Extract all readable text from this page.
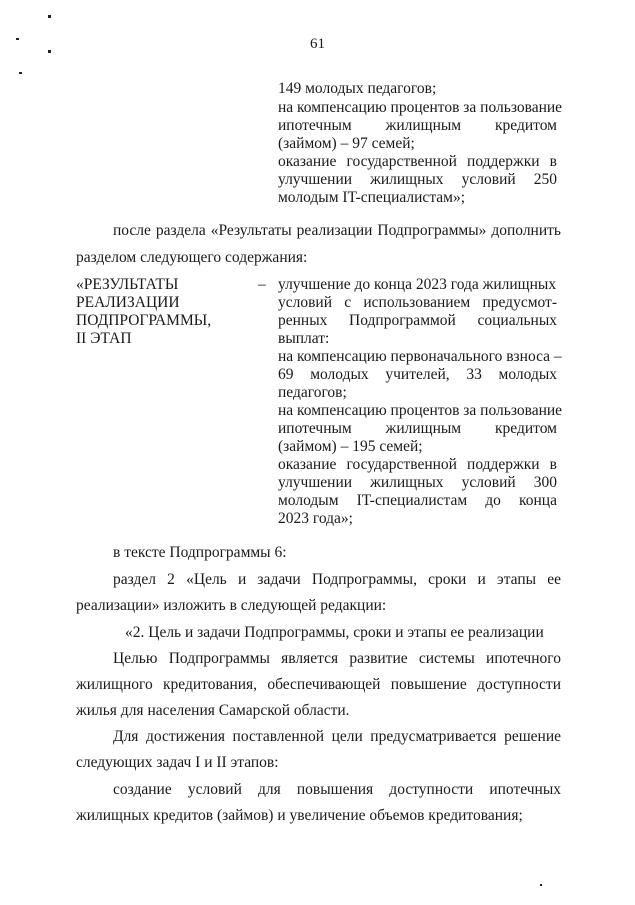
61
149 молодых педагогов;
на компенсацию процентов за пользование
ипотечным жилищным кредитом
(займом) – 97 семей;
оказание государственной поддержки в
улучшении жилищных условий 250
молодым IT-специалистам»;
после раздела «Результаты реализации Подпрограммы» дополнить
разделом следующего содержания:
«РЕЗУЛЬТАТЫ
РЕАЛИЗАЦИИ
ПОДПРОГРАММЫ,
II ЭТАП
– улучшение до конца 2023 года жилищных
условий с использованием предусмот-
ренных Подпрограммой социальных
выплат:
на компенсацию первоначального взноса –
69 молодых учителей, 33 молодых
педагогов;
на компенсацию процентов за пользование
ипотечным жилищным кредитом
(займом) – 195 семей;
оказание государственной поддержки в
улучшении жилищных условий 300
молодым IT-специалистам до конца
2023 года»;
в тексте Подпрограммы 6:
раздел 2 «Цель и задачи Подпрограммы, сроки и этапы ее
реализации» изложить в следующей редакции:
«2. Цель и задачи Подпрограммы, сроки и этапы ее реализации
Целью Подпрограммы является развитие системы ипотечного
жилищного кредитования, обеспечивающей повышение доступности
жилья для населения Самарской области.
Для достижения поставленной цели предусматривается решение
следующих задач I и II этапов:
создание условий для повышения доступности ипотечных
жилищных кредитов (займов) и увеличение объемов кредитования;
